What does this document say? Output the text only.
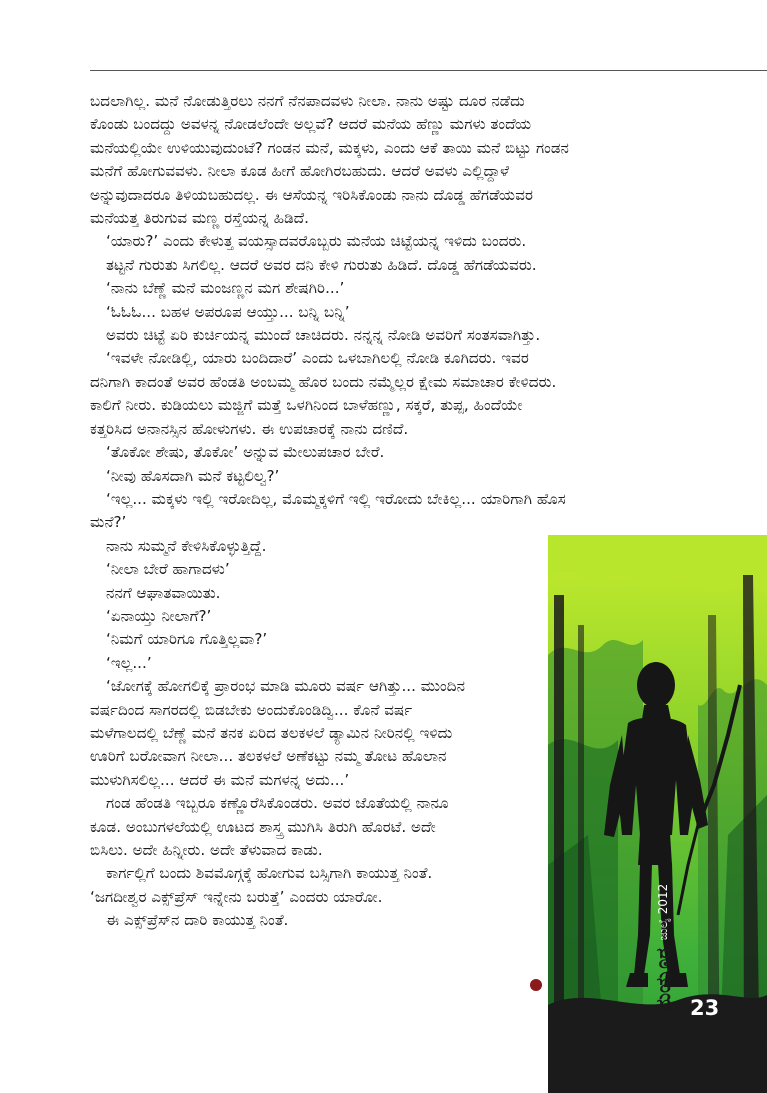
ಬದಲಾಗಿಲ್ಲ. ಮನೆ ನೋಡುತ್ತಿರಲು ನನಗೆ ನೆನಪಾದವಳು ನೀಲಾ. ನಾನು ಅಷ್ಟು ದೂರ ನಡೆದು

ಕೊಂಡು ಬಂದದ್ದು ಅವಳನ್ನ ನೋಡಲೆಂದೇ ಅಲ್ಲವೆ? ಆದರೆ ಮನೆಯ ಹೆಣ್ಣು ಮಗಳು ತಂದೆಯ

ಮನೆಯಲ್ಲಿಯೇ ಉಳಿಯುವುದುಂಟೆ? ಗಂಡನ ಮನೆ, ಮಕ್ಕಳು, ಎಂದು ಆಕೆ ತಾಯಿ ಮನೆ ಬಿಟ್ಟು ಗಂಡನ

ಮನೆಗೆ ಹೋಗುವವಳು. ನೀಲಾ ಕೂಡ ಹೀಗೆ ಹೋಗಿರಬಹುದು. ಆದರೆ ಅವಳು ಎಲ್ಲಿದ್ದಾಳೆ

ಅನ್ನುವುದಾದರೂ ತಿಳಿಯಬಹುದಲ್ಲ. ಈ ಆಸೆಯನ್ನ ಇರಿಸಿಕೊಂಡು ನಾನು ದೊಡ್ಡ ಹೆಗಡೆಯವರ

ಮನೆಯತ್ತ ತಿರುಗುವ ಮಣ್ಣ ರಸ್ತೆಯನ್ನ ಹಿಡಿದೆ.

‘ಯಾರು?’ ಎಂದು ಕೇಳುತ್ತ ವಯಸ್ಸಾದವರೊಬ್ಬರು ಮನೆಯ ಚಿಟ್ಟೆಯನ್ನ ಇಳಿದು ಬಂದರು.

ತಟ್ಟನೆ ಗುರುತು ಸಿಗಲಿಲ್ಲ. ಆದರೆ ಅವರ ದನಿ ಕೇಳಿ ಗುರುತು ಹಿಡಿದೆ. ದೊಡ್ಡ ಹೆಗಡೆಯವರು.

‘ನಾನು ಬೆಣ್ಣೆ ಮನೆ ಮಂಜಣ್ಣನ ಮಗ ಶೇಷಗಿರಿ...’

‘ಓಓಓ... ಬಹಳ ಅಪರೂಪ ಆಯ್ತು... ಬನ್ನಿ ಬನ್ನಿ’

ಅವರು ಚಿಟ್ಟೆ ಏರಿ ಕುರ್ಚಿಯನ್ನ ಮುಂದೆ ಚಾಚಿದರು. ನನ್ನನ್ನ ನೋಡಿ ಅವರಿಗೆ ಸಂತಸವಾಗಿತ್ತು.

‘ಇವಳೇ ನೋಡಿಲ್ಲಿ, ಯಾರು ಬಂದಿದಾರೆ’ ಎಂದು ಒಳಬಾಗಿಲಲ್ಲಿ ನೋಡಿ ಕೂಗಿದರು. ಇವರ

ದನಿಗಾಗಿ ಕಾದಂತೆ ಅವರ ಹೆಂಡತಿ ಅಂಬಮ್ಮ ಹೊರ ಬಂದು ನಮ್ಮೆಲ್ಲರ ಕ್ಷೇಮ ಸಮಾಚಾರ ಕೇಳಿದರು.

ಕಾಲಿಗೆ ನೀರು. ಕುಡಿಯಲು ಮಜ್ಜಿಗೆ ಮತ್ತೆ ಒಳಗಿನಿಂದ ಬಾಳೆಹಣ್ಣು, ಸಕ್ಕರೆ, ತುಪ್ಪ, ಹಿಂದೆಯೇ

ಕತ್ತರಿಸಿದ ಅನಾನಸ್ಸಿನ ಹೋಳುಗಳು. ಈ ಉಪಚಾರಕ್ಕೆ ನಾನು ದಣಿದೆ.

‘ತೊಕೋ ಶೇಷು, ತೊಕೋ’ ಅನ್ನುವ ಮೇಲುಪಚಾರ ಬೇರೆ.

‘ನೀವು ಹೊಸದಾಗಿ ಮನೆ ಕಟ್ಟಲಿಲ್ವ?’

‘ಇಲ್ಲ... ಮಕ್ಕಳು ಇಲ್ಲಿ ಇರೋದಿಲ್ಲ, ಮೊಮ್ಮಕ್ಕಳಿಗೆ ಇಲ್ಲಿ ಇರೋದು ಬೇಕಿಲ್ಲ... ಯಾರಿಗಾಗಿ ಹೊಸ

ಮನೆ?’

ನಾನು ಸುಮ್ಮನೆ ಕೇಳಿಸಿಕೊಳ್ಳುತ್ತಿದ್ದೆ.

‘ನೀಲಾ ಬೇರೆ ಹಾಗಾದಳು’

ನನಗೆ ಆಘಾತವಾಯಿತು.

‘ಏನಾಯ್ತು ನೀಲಾಗೆ?’

‘ನಿಮಗೆ ಯಾರಿಗೂ ಗೊತ್ತಿಲ್ಲವಾ?’

‘ಇಲ್ಲ...’

‘ಜೋಗಕ್ಕೆ ಹೋಗಲಿಕ್ಕೆ ಪ್ರಾರಂಭ ಮಾಡಿ ಮೂರು ವರ್ಷ ಆಗಿತ್ತು... ಮುಂದಿನ

ವರ್ಷದಿಂದ ಸಾಗರದಲ್ಲಿ ಬಿಡಬೇಕು ಅಂದುಕೊಂಡಿದ್ವಿ... ಕೊನೆ ವರ್ಷ

ಮಳೆಗಾಲದಲ್ಲಿ ಬೆಣ್ಣೆ ಮನೆ ತನಕ ಏರಿದ ತಲಕಳಲೆ ಡ್ಯಾಮಿನ ನೀರಿನಲ್ಲಿ ಇಳಿದು

ಊರಿಗೆ ಬರೋವಾಗ ನೀಲಾ... ತಲಕಳಲೆ ಅಣೆಕಟ್ಟು ನಮ್ಮ ತೋಟ ಹೊಲಾನ

ಮುಳುಗಿಸಲಿಲ್ಲ... ಆದರೆ ಈ ಮನೆ ಮಗಳನ್ನ ಅದು...’

ಗಂಡ ಹೆಂಡತಿ ಇಬ್ಬರೂ ಕಣ್ಣೊರೆಸಿಕೊಂಡರು. ಅವರ ಜೊತೆಯಲ್ಲಿ ನಾನೂ

ಕೂಡ. ಅಂಬುಗಳಲೆಯಲ್ಲಿ ಊಟದ ಶಾಸ್ತ್ರ ಮುಗಿಸಿ ತಿರುಗಿ ಹೊರಟೆ. ಅದೇ

ಬಿಸಿಲು. ಅದೇ ಹಿನ್ನೀರು. ಅದೇ ತೆಳುವಾದ ಕಾಡು.

ಕಾರ್ಗಲ್ಲಿಗೆ ಬಂದು ಶಿವಮೊಗ್ಗಕ್ಕೆ ಹೋಗುವ ಬಸ್ಸಿಗಾಗಿ ಕಾಯುತ್ತ ನಿಂತೆ.

‘ಜಗದೀಶ್ವರ ಎಕ್ಸ್‌ಪ್ರೆಸ್ ಇನ್ನೇನು ಬರುತ್ತೆ’ ಎಂದರು ಯಾರೋ.

ಈ ಎಕ್ಸ್‌ಪ್ರೆಸ್‌ನ ದಾರಿ ಕಾಯುತ್ತ ನಿಂತೆ.

ಮಯೂರ
ಜುಲೈ 2012
23
